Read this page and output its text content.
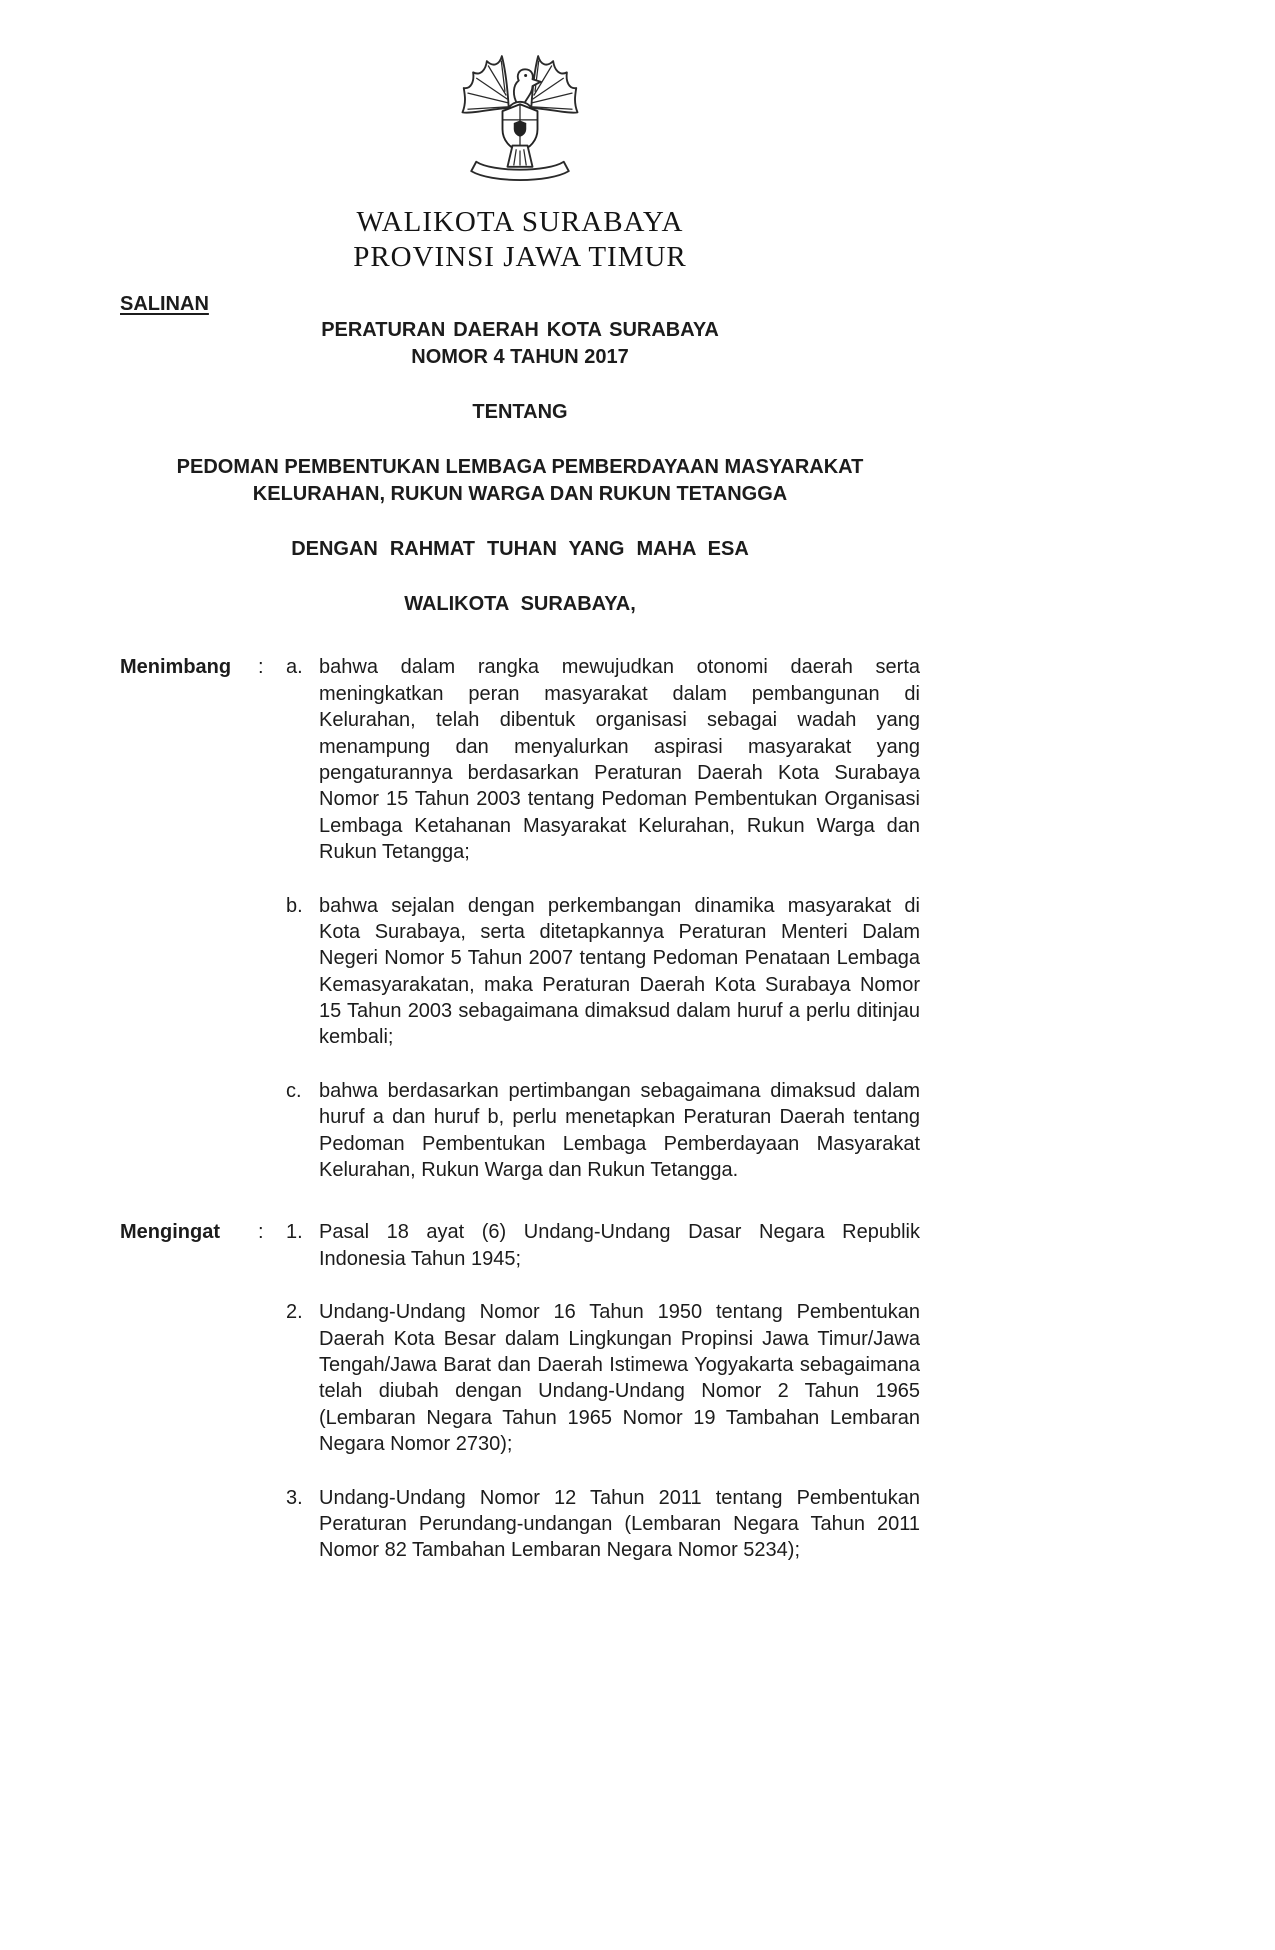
WALIKOTA SURABAYA
PROVINSI JAWA TIMUR
SALINAN
PERATURAN DAERAH KOTA SURABAYA
NOMOR 4 TAHUN 2017
TENTANG
PEDOMAN PEMBENTUKAN LEMBAGA PEMBERDAYAAN MASYARAKAT
KELURAHAN, RUKUN WARGA DAN RUKUN TETANGGA
DENGAN RAHMAT TUHAN YANG MAHA ESA
WALIKOTA SURABAYA,
Menimbang	:	a. bahwa dalam rangka mewujudkan otonomi daerah serta meningkatkan peran masyarakat dalam pembangunan di Kelurahan, telah dibentuk organisasi sebagai wadah yang menampung dan menyalurkan aspirasi masyarakat yang pengaturannya berdasarkan Peraturan Daerah Kota Surabaya Nomor 15 Tahun 2003 tentang Pedoman Pembentukan Organisasi Lembaga Ketahanan Masyarakat Kelurahan, Rukun Warga dan Rukun Tetangga;
b. bahwa sejalan dengan perkembangan dinamika masyarakat di Kota Surabaya, serta ditetapkannya Peraturan Menteri Dalam Negeri Nomor 5 Tahun 2007 tentang Pedoman Penataan Lembaga Kemasyarakatan, maka Peraturan Daerah Kota Surabaya Nomor 15 Tahun 2003 sebagaimana dimaksud dalam huruf a perlu ditinjau kembali;
c. bahwa berdasarkan pertimbangan sebagaimana dimaksud dalam huruf a dan huruf b, perlu menetapkan Peraturan Daerah tentang Pedoman Pembentukan Lembaga Pemberdayaan Masyarakat Kelurahan, Rukun Warga dan Rukun Tetangga.
Mengingat	:	1. Pasal 18 ayat (6) Undang-Undang Dasar Negara Republik Indonesia Tahun 1945;
2. Undang-Undang Nomor 16 Tahun 1950 tentang Pembentukan Daerah Kota Besar dalam Lingkungan Propinsi Jawa Timur/Jawa Tengah/Jawa Barat dan Daerah Istimewa Yogyakarta sebagaimana telah diubah dengan Undang-Undang Nomor 2 Tahun 1965 (Lembaran Negara Tahun 1965 Nomor 19 Tambahan Lembaran Negara Nomor 2730);
3. Undang-Undang Nomor 12 Tahun 2011 tentang Pembentukan Peraturan Perundang-undangan (Lembaran Negara Tahun 2011 Nomor 82 Tambahan Lembaran Negara Nomor 5234);
